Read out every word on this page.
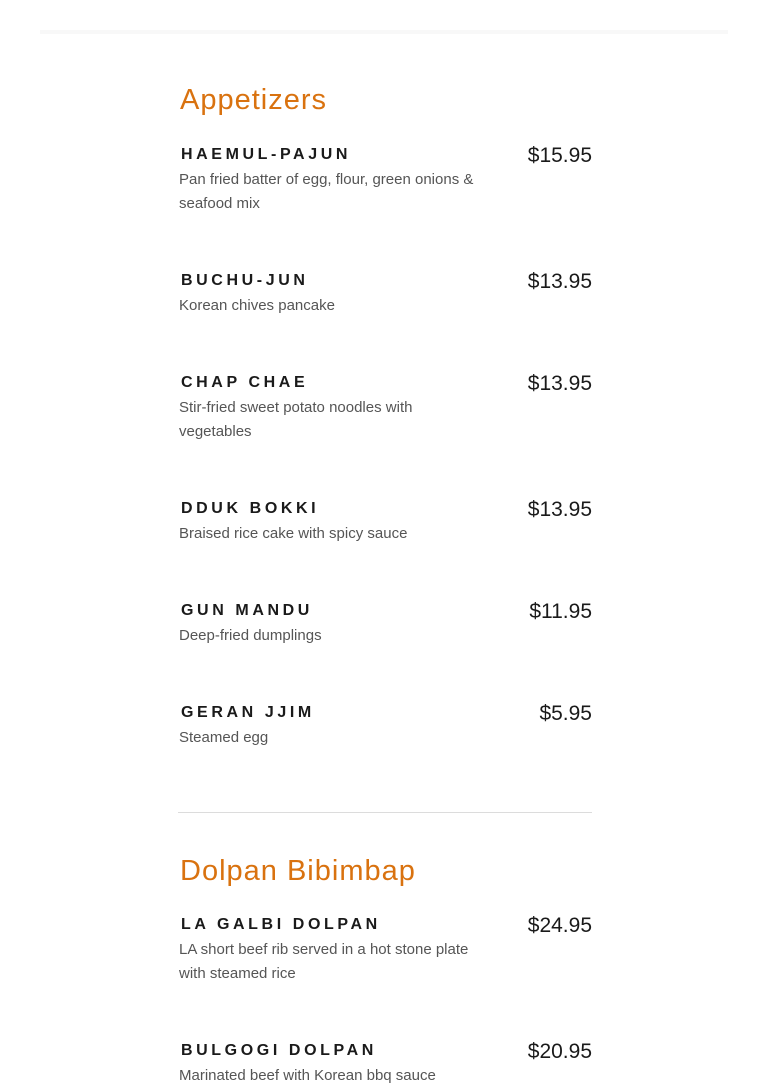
Appetizers
HAEMUL-PAJUN	$15.95
Pan fried batter of egg, flour, green onions & seafood mix
BUCHU-JUN	$13.95
Korean chives pancake
CHAP CHAE	$13.95
Stir-fried sweet potato noodles with vegetables
DDUK BOKKI	$13.95
Braised rice cake with spicy sauce
GUN MANDU	$11.95
Deep-fried dumplings
GERAN JJIM	$5.95
Steamed egg
Dolpan Bibimbap
LA GALBI DOLPAN	$24.95
LA short beef rib served in a hot stone plate with steamed rice
BULGOGI DOLPAN	$20.95
Marinated beef with Korean bbq sauce
